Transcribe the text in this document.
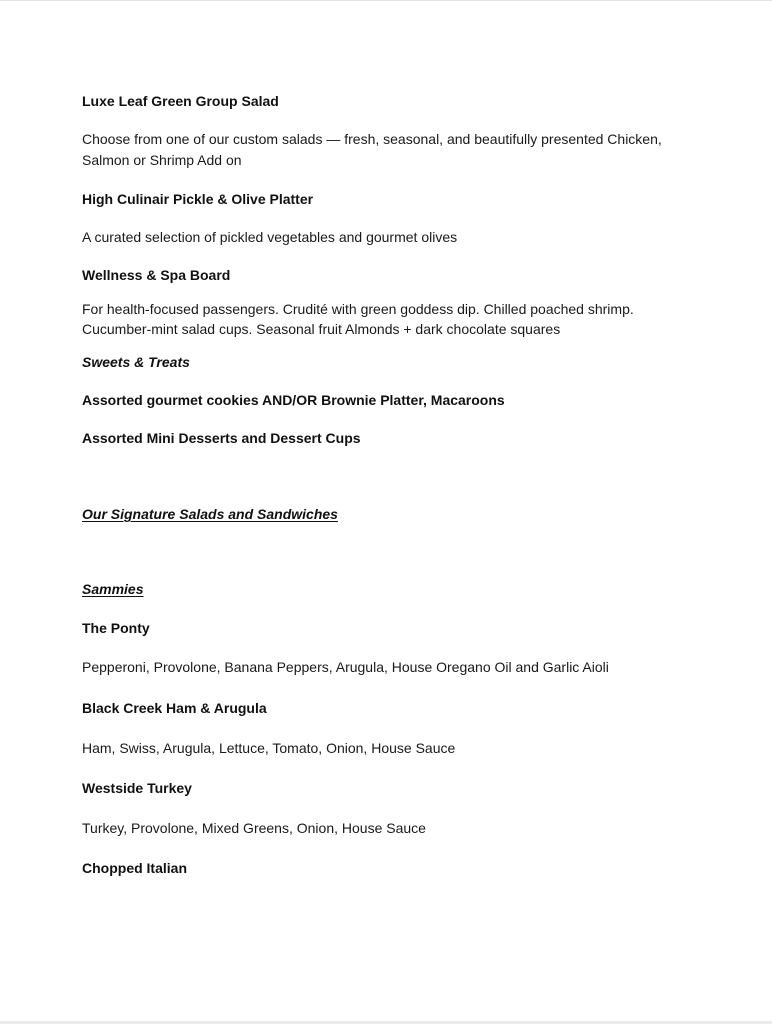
Luxe Leaf Green Group Salad

Choose from one of our custom salads — fresh, seasonal, and beautifully presented Chicken, Salmon or Shrimp Add on

High Culinair Pickle & Olive Platter

A curated selection of pickled vegetables and gourmet olives

Wellness & Spa Board

For health-focused passengers. Crudité with green goddess dip. Chilled poached shrimp. Cucumber-mint salad cups. Seasonal fruit Almonds + dark chocolate squares

Sweets & Treats

Assorted gourmet cookies AND/OR Brownie Platter, Macaroons

Assorted Mini Desserts and Dessert Cups

Our Signature Salads and Sandwiches

Sammies

The Ponty

Pepperoni, Provolone, Banana Peppers, Arugula, House Oregano Oil and Garlic Aioli

Black Creek Ham & Arugula

Ham, Swiss, Arugula, Lettuce, Tomato, Onion, House Sauce

Westside Turkey

Turkey, Provolone, Mixed Greens, Onion, House Sauce

Chopped Italian
